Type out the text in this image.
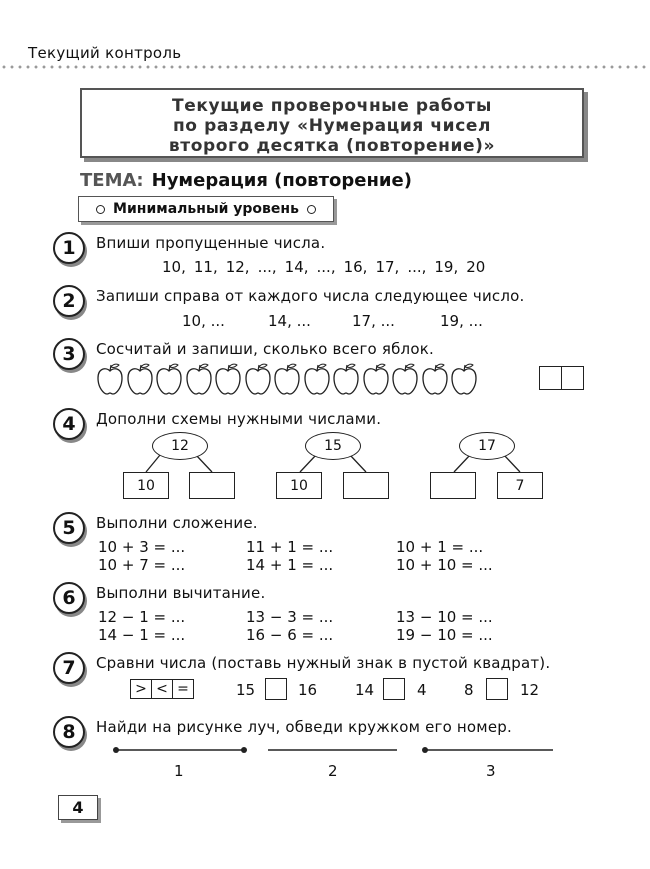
Текущий контроль
Текущие проверочные работы
по разделу «Нумерация чисел
второго десятка (повторение)»
ТЕМА: Нумерация (повторение)
Минимальный уровень
1	Впиши пропущенные числа.
10, 11, 12, ..., 14, ..., 16, 17, ..., 19, 20
2	Запиши справа от каждого числа следующее число.
10, ...	14, ...	17, ...	19, ...
3	Сосчитай и запиши, сколько всего яблок.
4	Дополни схемы нужными числами.
12
10
15
10
17
7
5	Выполни сложение.
10 + 3 = ...	11 + 1 = ...	10 + 1 = ...
10 + 7 = ...	14 + 1 = ...	10 + 10 = ...
6	Выполни вычитание.
12 − 1 = ...	13 − 3 = ...	13 − 10 = ...
14 − 1 = ...	16 − 6 = ...	19 − 10 = ...
7	Сравни числа (поставь нужный знак в пустой квадрат).
> < =	15	16	14	4 8	12
8	Найди на рисунке луч, обведи кружком его номер.
1	2	3
4
